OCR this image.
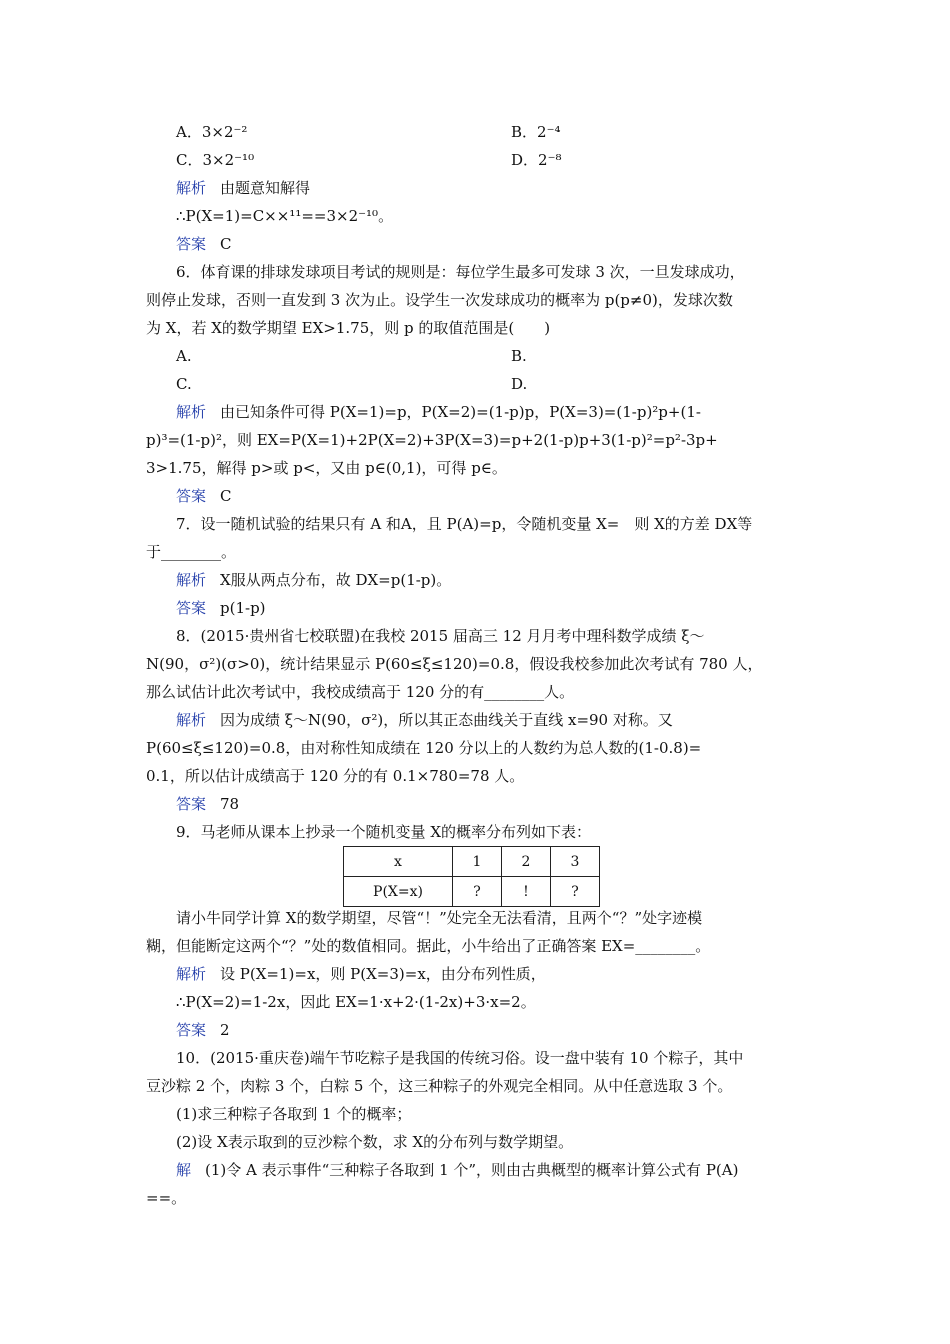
A．3×2⁻²	B．2⁻⁴
C．3×2⁻¹⁰	D．2⁻⁸
解析 由题意知解得
∴P(X=1)=C××¹¹==3×2⁻¹⁰。
答案 C
6．体育课的排球发球项目考试的规则是：每位学生最多可发球 3 次，一旦发球成功，
则停止发球，否则一直发到 3 次为止。设学生一次发球成功的概率为 p(p≠0)，发球次数
为 X，若 X的数学期望 EX>1.75，则 p 的取值范围是(　　)
A.	B.
C.	D.
解析 由已知条件可得 P(X=1)=p，P(X=2)=(1-p)p，P(X=3)=(1-p)²p+(1-
p)³=(1-p)²，则 EX=P(X=1)+2P(X=2)+3P(X=3)=p+2(1-p)p+3(1-p)²=p²-3p+
3>1.75，解得 p>或 p<，又由 p∈(0,1)，可得 p∈。
答案 C
7．设一随机试验的结果只有 A 和A，且 P(A)=p，令随机变量 X=　则 X的方差 DX等
于________。
解析 X服从两点分布，故 DX=p(1-p)。
答案 p(1-p)
8．(2015·贵州省七校联盟)在我校 2015 届高三 12 月月考中理科数学成绩 ξ～
N(90，σ²)(σ>0)，统计结果显示 P(60≤ξ≤120)=0.8，假设我校参加此次考试有 780 人，
那么试估计此次考试中，我校成绩高于 120 分的有________人。
解析 因为成绩 ξ～N(90，σ²)，所以其正态曲线关于直线 x=90 对称。又
P(60≤ξ≤120)=0.8，由对称性知成绩在 120 分以上的人数约为总人数的(1-0.8)=
0.1，所以估计成绩高于 120 分的有 0.1×780=78 人。
答案 78
9．马老师从课本上抄录一个随机变量 X的概率分布列如下表：
请小牛同学计算 X的数学期望，尽管“！”处完全无法看清，且两个“？”处字迹模
糊，但能断定这两个“？”处的数值相同。据此，小牛给出了正确答案 EX=________。
解析 设 P(X=1)=x，则 P(X=3)=x，由分布列性质，
∴P(X=2)=1-2x，因此 EX=1·x+2·(1-2x)+3·x=2。
答案 2
10．(2015·重庆卷)端午节吃粽子是我国的传统习俗。设一盘中装有 10 个粽子，其中
豆沙粽 2 个，肉粽 3 个，白粽 5 个，这三种粽子的外观完全相同。从中任意选取 3 个。
(1)求三种粽子各取到 1 个的概率；
(2)设 X表示取到的豆沙粽个数，求 X的分布列与数学期望。
解 (1)令 A 表示事件“三种粽子各取到 1 个”，则由古典概型的概率计算公式有 P(A)
==。
x	1	2	3
P(X=x)	?	!	?
